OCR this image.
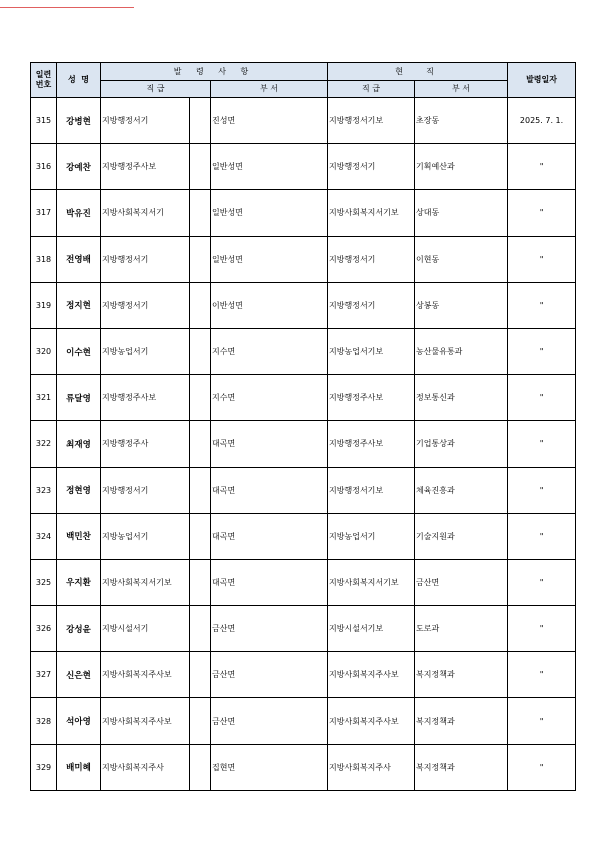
일련
번호	성  명	발 령 사 항			현  직		발령일자
		직 급		부 서	직 급	부 서	
315	강병현	지방행정서기		진성면	지방행정서기보	초장동	2025. 7. 1.
316	강예찬	지방행정주사보		일반성면	지방행정서기	기획예산과	"
317	박유진	지방사회복지서기		일반성면	지방사회복지서기보	상대동	"
318	전영배	지방행정서기		일반성면	지방행정서기	이현동	"
319	정지현	지방행정서기		이반성면	지방행정서기	상봉동	"
320	이수현	지방농업서기		지수면	지방농업서기보	농산물유통과	"
321	류달영	지방행정주사보		지수면	지방행정주사보	정보통신과	"
322	최재영	지방행정주사		대곡면	지방행정주사보	기업통상과	"
323	정현영	지방행정서기		대곡면	지방행정서기보	체육진흥과	"
324	백민찬	지방농업서기		대곡면	지방농업서기	기술지원과	"
325	우지환	지방사회복지서기보		대곡면	지방사회복지서기보	금산면	"
326	강성윤	지방시설서기		금산면	지방시설서기보	도로과	"
327	신은현	지방사회복지주사보		금산면	지방사회복지주사보	복지정책과	"
328	석아영	지방사회복지주사보		금산면	지방사회복지주사보	복지정책과	"
329	배미혜	지방사회복지주사		집현면	지방사회복지주사	복지정책과	"
